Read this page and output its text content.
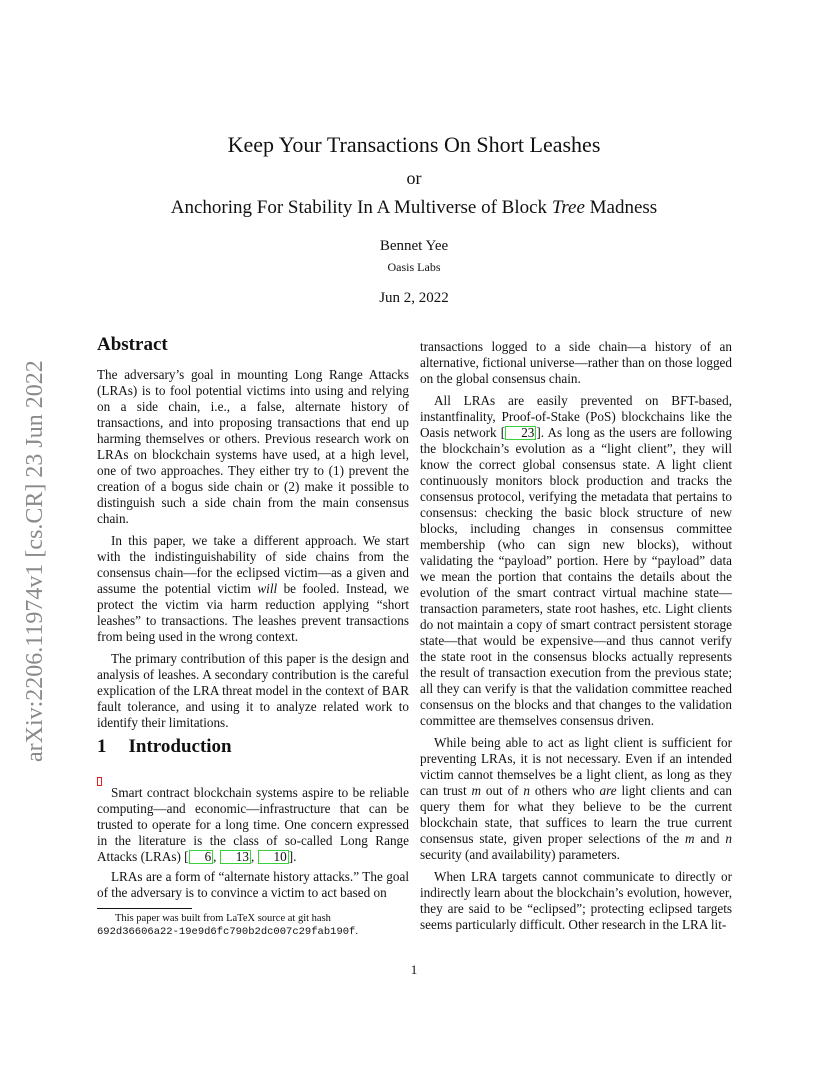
arXiv:2206.11974v1 [cs.CR] 23 Jun 2022
Keep Your Transactions On Short Leashes
or
Anchoring For Stability In A Multiverse of Block Tree Madness
Bennet Yee
Oasis Labs
Jun 2, 2022
Abstract

The adversary’s goal in mounting Long Range Attacks (LRAs) is to fool potential victims into using and relying on a side chain, i.e., a false, alternate history of transactions, and into proposing transactions that end up harming themselves or others. Previous research work on LRAs on blockchain systems have used, at a high level, one of two approaches. They either try to (1) prevent the creation of a bogus side chain or (2) make it possible to distinguish such a side chain from the main consensus chain.

In this paper, we take a different approach. We start with the indistinguishability of side chains from the consensus chain—for the eclipsed victim—as a given and assume the potential victim will be fooled. Instead, we protect the victim via harm reduction applying “short leashes” to transactions. The leashes prevent transactions from being used in the wrong context.

The primary contribution of this paper is the design and analysis of leashes. A secondary contribution is the careful explication of the LRA threat model in the context of BAR fault tolerance, and using it to analyze related work to identify their limitations.

1 Introduction

Smart contract blockchain systems aspire to be reliable computing—and economic—infrastructure that can be trusted to operate for a long time. One concern expressed in the literature is the class of so-called Long Range Attacks (LRAs) [ 6 , 13 , 10 ].

LRAs are a form of “alternate history attacks.” The goal of the adversary is to convince a victim to act based on

This paper was built from LaTeX source at git hash 692d36606a22-19e9d6fc790b2dc007c29fab190f.

transactions logged to a side chain—a history of an alternative, fictional universe—rather than on those logged on the global consensus chain.

All LRAs are easily prevented on BFT-based, instantfinality, Proof-of-Stake (PoS) blockchains like the Oasis network [ 23 ]. As long as the users are following the blockchain’s evolution as a “light client”, they will know the correct global consensus state. A light client continuously monitors block production and tracks the consensus protocol, verifying the metadata that pertains to consensus: checking the basic block structure of new blocks, including changes in consensus committee membership (who can sign new blocks), without validating the “payload” portion. Here by “payload” data we mean the portion that contains the details about the evolution of the smart contract virtual machine state—transaction parameters, state root hashes, etc. Light clients do not maintain a copy of smart contract persistent storage state—that would be expensive—and thus cannot verify the state root in the consensus blocks actually represents the result of transaction execution from the previous state; all they can verify is that the validation committee reached consensus on the blocks and that changes to the validation committee are themselves consensus driven.

While being able to act as light client is sufficient for preventing LRAs, it is not necessary. Even if an intended victim cannot themselves be a light client, as long as they can trust m out of n others who are light clients and can query them for what they believe to be the current blockchain state, that suffices to learn the true current consensus state, given proper selections of the m and n security (and availability) parameters.

When LRA targets cannot communicate to directly or indirectly learn about the blockchain’s evolution, however, they are said to be “eclipsed”; protecting eclipsed targets seems particularly difficult. Other research in the LRA lit-

1
